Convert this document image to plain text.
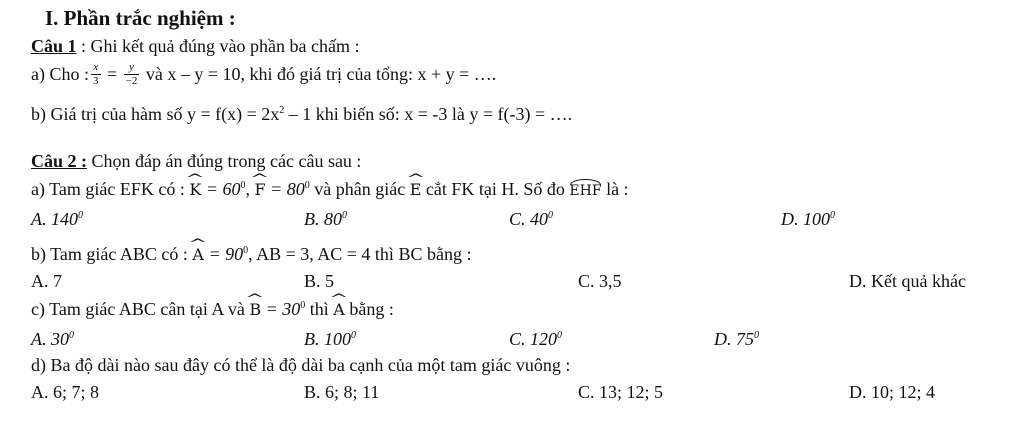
I. Phần trắc nghiệm :
Câu 1 : Ghi kết quả đúng vào phần ba chấm :
a) Cho : $\frac{x}{3} = \frac{y}{-2}$ và x – y = 10, khi đó giá trị của tổng: x + y = ….
b) Giá trị của hàm số $y = f(x) = 2x^2 - 1$ khi biến số: x = -3 là y = f(-3) = ….
Câu 2 : Chọn đáp án đúng trong các câu sau :
a) Tam giác EFK có : ^ $K = 60^0$, ^ $F = 80^0$ và phân giác ^ E cắt FK tại H. Số đo EHF là :
A. $140^0$	B. $80^0$	C. $40^0$	D. $100^0$
b) Tam giác ABC có : ^ $A = 90^0$, AB = 3, AC = 4 thì BC bằng :
A. 7	B. 5	C. 3,5	D. Kết quả khác
c) Tam giác ABC cân tại A và ^ $B = 30^0$ thì ^ A bằng :
A. $30^0$	B. $100^0$	C. $120^0$	D. $75^0$
d) Ba độ dài nào sau đây có thể là độ dài ba cạnh của một tam giác vuông :
A. 6; 7; 8	B. 6; 8; 11	C. 13; 12; 5	D. 10; 12; 4
